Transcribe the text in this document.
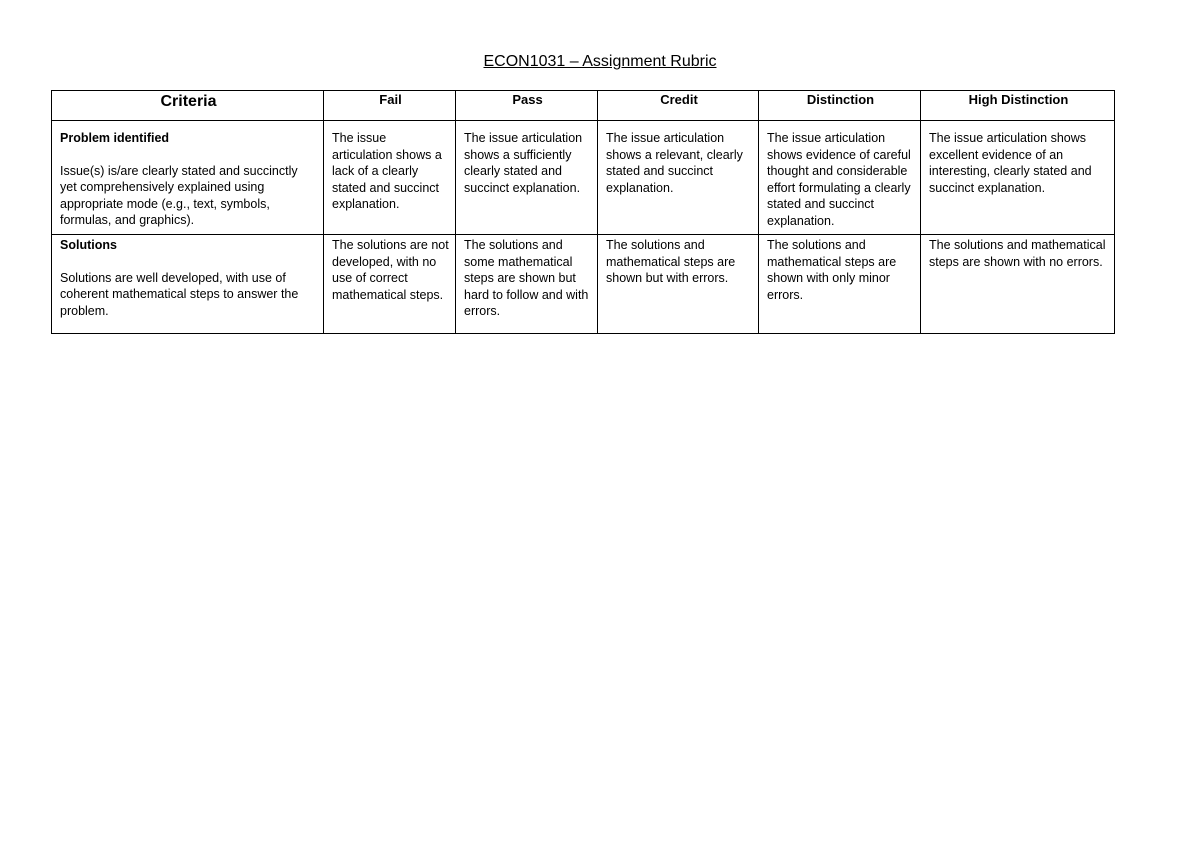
ECON1031 – Assignment Rubric
Criteria	Fail	Pass	Credit	Distinction	High Distinction

Problem identified
Issue(s) is/are clearly stated and succinctly yet comprehensively explained using appropriate mode (e.g., text, symbols, formulas, and graphics).	The issue articulation shows a lack of a clearly stated and succinct explanation.	The issue articulation shows a sufficiently clearly stated and succinct explanation.	The issue articulation shows a relevant, clearly stated and succinct explanation.	The issue articulation shows evidence of careful thought and considerable effort formulating a clearly stated and succinct explanation.	The issue articulation shows excellent evidence of an interesting, clearly stated and succinct explanation.

Solutions
Solutions are well developed, with use of coherent mathematical steps to answer the problem.	The solutions are not developed, with no use of correct mathematical steps.	The solutions and some mathematical steps are shown but hard to follow and with errors.	The solutions and mathematical steps are shown but with errors.	The solutions and mathematical steps are shown with only minor errors.	The solutions and mathematical steps are shown with no errors.
